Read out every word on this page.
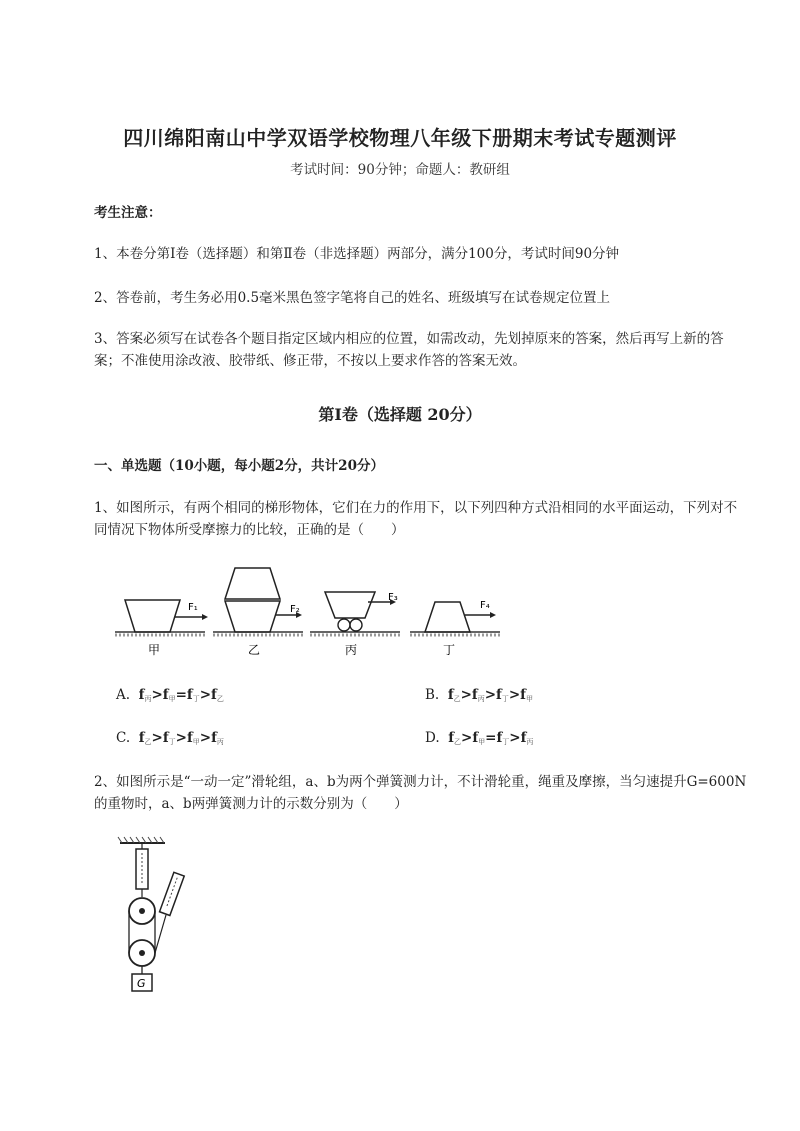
四川绵阳南山中学双语学校物理八年级下册期末考试专题测评
考试时间：90分钟；命题人：教研组
考生注意：
1、本卷分第I卷（选择题）和第Ⅱ卷（非选择题）两部分，满分100分，考试时间90分钟
2、答卷前，考生务必用0.5毫米黑色签字笔将自己的姓名、班级填写在试卷规定位置上
3、答案必须写在试卷各个题目指定区域内相应的位置，如需改动，先划掉原来的答案，然后再写上新的答案；不准使用涂改液、胶带纸、修正带，不按以上要求作答的答案无效。
第I卷（选择题 20分）
一、单选题（10小题，每小题2分，共计20分）
1、如图所示，有两个相同的梯形物体，它们在力的作用下，以下列四种方式沿相同的水平面运动，下列对不同情况下物体所受摩擦力的比较，正确的是（　　）
F₁
甲
F₂
乙
F₃
丙
F₄
丁
A. $f_丙>f_甲=f_丁>f_乙$	B. $f_乙>f_丙>f_丁>f_甲$
C. $f_乙>f_丁>f_甲>f_丙$	D. $f_乙>f_甲=f_丁>f_丙$
2、如图所示是“一动一定”滑轮组，a、b为两个弹簧测力计，不计滑轮重，绳重及摩擦，当匀速提升G=600N的重物时，a、b两弹簧测力计的示数分别为（　　）
G
